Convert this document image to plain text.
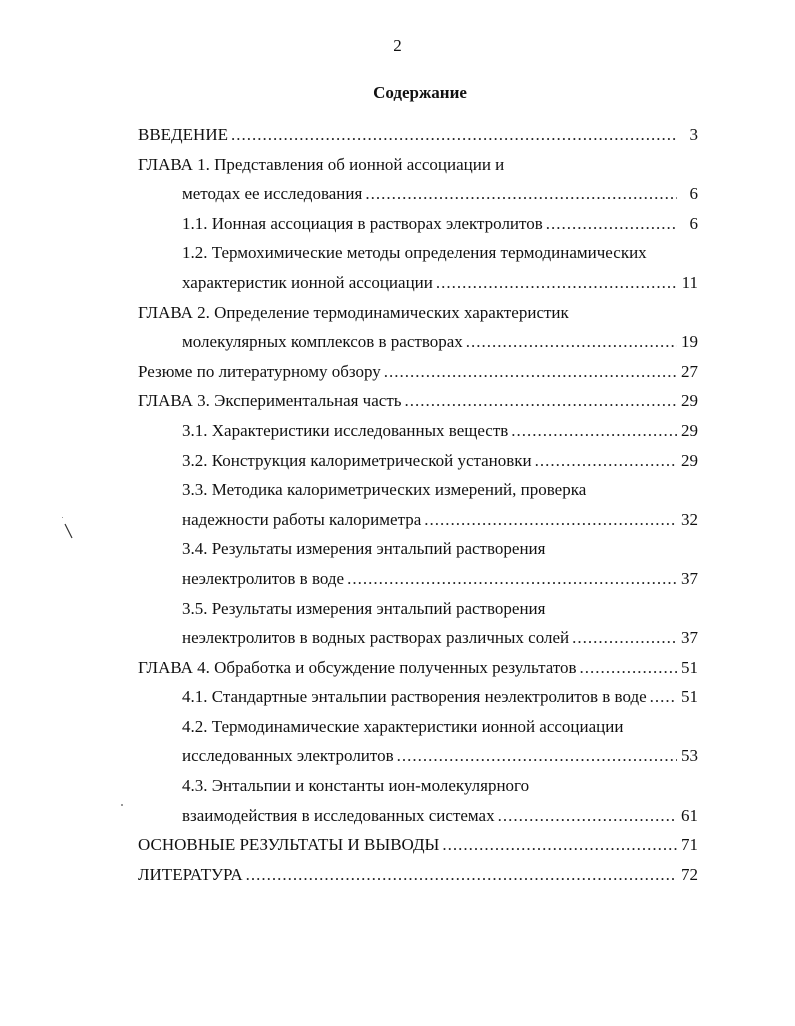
2
Содержание
ВВЕДЕНИЕ .....	3
ГЛАВА 1. Представления об ионной ассоциации и
методах ее исследования .....	6
1.1. Ионная ассоциация в растворах электролитов .....	6
1.2. Термохимические методы определения термодинамических
характеристик ионной ассоциации .....	11
ГЛАВА 2. Определение термодинамических характеристик
молекулярных комплексов в растворах .....	19
Резюме по литературному обзору .....	27
ГЛАВА 3. Экспериментальная часть .....	29
3.1. Характеристики исследованных веществ .....	29
3.2. Конструкция калориметрической установки .....	29
3.3. Методика калориметрических измерений, проверка
надежности работы калориметра .....	32
3.4. Результаты измерения энтальпий растворения
неэлектролитов в воде .....	37
3.5. Результаты измерения энтальпий растворения
неэлектролитов в водных растворах различных солей .....	37
ГЛАВА 4. Обработка и обсуждение полученных результатов .....	51
4.1. Стандартные энтальпии растворения неэлектролитов в воде ..... 51
4.2. Термодинамические характеристики ионной ассоциации
исследованных электролитов .....	53
4.3. Энтальпии и константы ион-молекулярного
взаимодействия в исследованных системах .....	61
ОСНОВНЫЕ РЕЗУЛЬТАТЫ И ВЫВОДЫ .....	71
ЛИТЕРАТУРА .....	72
